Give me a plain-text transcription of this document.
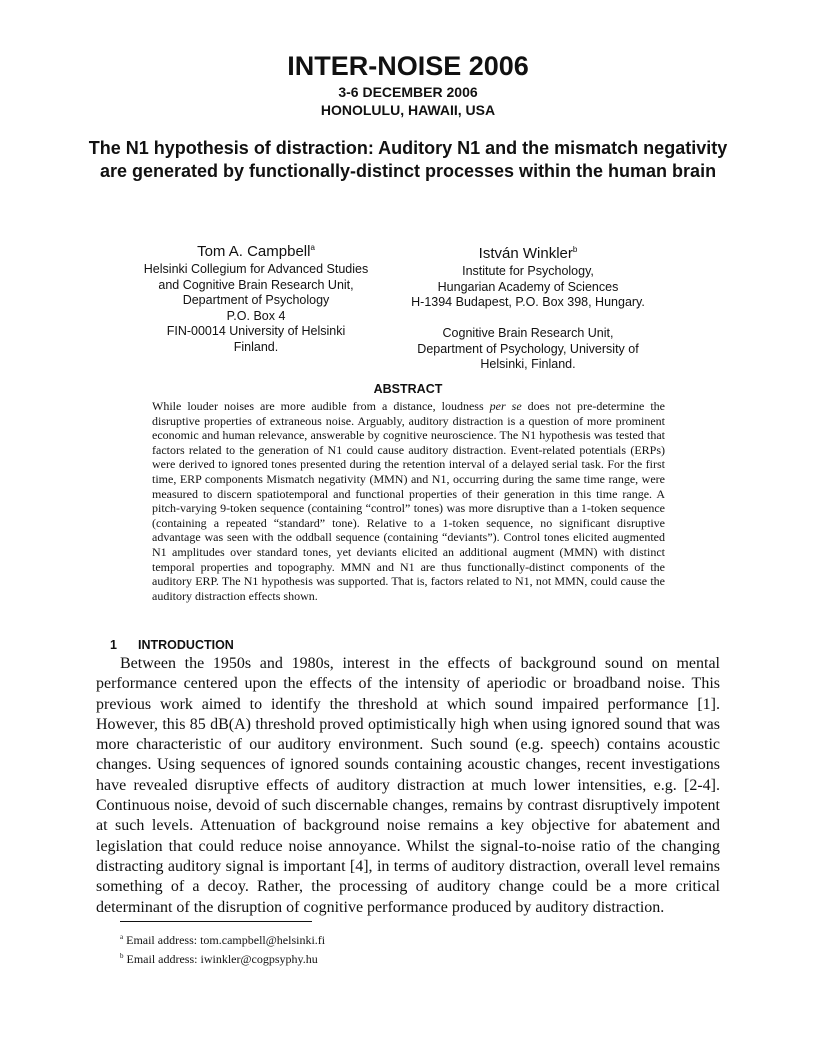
INTER-NOISE 2006
3-6 DECEMBER 2006
HONOLULU, HAWAII, USA
The N1 hypothesis of distraction: Auditory N1 and the mismatch negativity are generated by functionally-distinct processes within the human brain
Tom A. Campbell$^a$
Helsinki Collegium for Advanced Studies
and Cognitive Brain Research Unit,
Department of Psychology
P.O. Box 4
FIN-00014 University of Helsinki
Finland.
István Winkler$^b$
Institute for Psychology,
Hungarian Academy of Sciences
H-1394 Budapest, P.O. Box 398, Hungary.
Cognitive Brain Research Unit,
Department of Psychology, University of
Helsinki, Finland.
ABSTRACT
While louder noises are more audible from a distance, loudness per se does not pre-determine the disruptive properties of extraneous noise. Arguably, auditory distraction is a question of more prominent economic and human relevance, answerable by cognitive neuroscience. The N1 hypothesis was tested that factors related to the generation of N1 could cause auditory distraction. Event-related potentials (ERPs) were derived to ignored tones presented during the retention interval of a delayed serial task. For the first time, ERP components Mismatch negativity (MMN) and N1, occurring during the same time range, were measured to discern spatiotemporal and functional properties of their generation in this time range. A pitch-varying 9-token sequence (containing “control” tones) was more disruptive than a 1-token sequence (containing a repeated “standard” tone). Relative to a 1-token sequence, no significant disruptive advantage was seen with the oddball sequence (containing “deviants”). Control tones elicited augmented N1 amplitudes over standard tones, yet deviants elicited an additional augment (MMN) with distinct temporal properties and topography. MMN and N1 are thus functionally-distinct components of the auditory ERP. The N1 hypothesis was supported. That is, factors related to N1, not MMN, could cause the auditory distraction effects shown.
1 INTRODUCTION
Between the 1950s and 1980s, interest in the effects of background sound on mental performance centered upon the effects of the intensity of aperiodic or broadband noise. This previous work aimed to identify the threshold at which sound impaired performance [1]. However, this 85 dB(A) threshold proved optimistically high when using ignored sound that was more characteristic of our auditory environment. Such sound (e.g. speech) contains acoustic changes. Using sequences of ignored sounds containing acoustic changes, recent investigations have revealed disruptive effects of auditory distraction at much lower intensities, e.g. [2-4]. Continuous noise, devoid of such discernable changes, remains by contrast disruptively impotent at such levels. Attenuation of background noise remains a key objective for abatement and legislation that could reduce noise annoyance. Whilst the signal-to-noise ratio of the changing distracting auditory signal is important [4], in terms of auditory distraction, overall level remains something of a decoy. Rather, the processing of auditory change could be a more critical determinant of the disruption of cognitive performance produced by auditory distraction.
$^a$ Email address: tom.campbell@helsinki.fi
$^b$ Email address: iwinkler@cogpsyphy.hu
